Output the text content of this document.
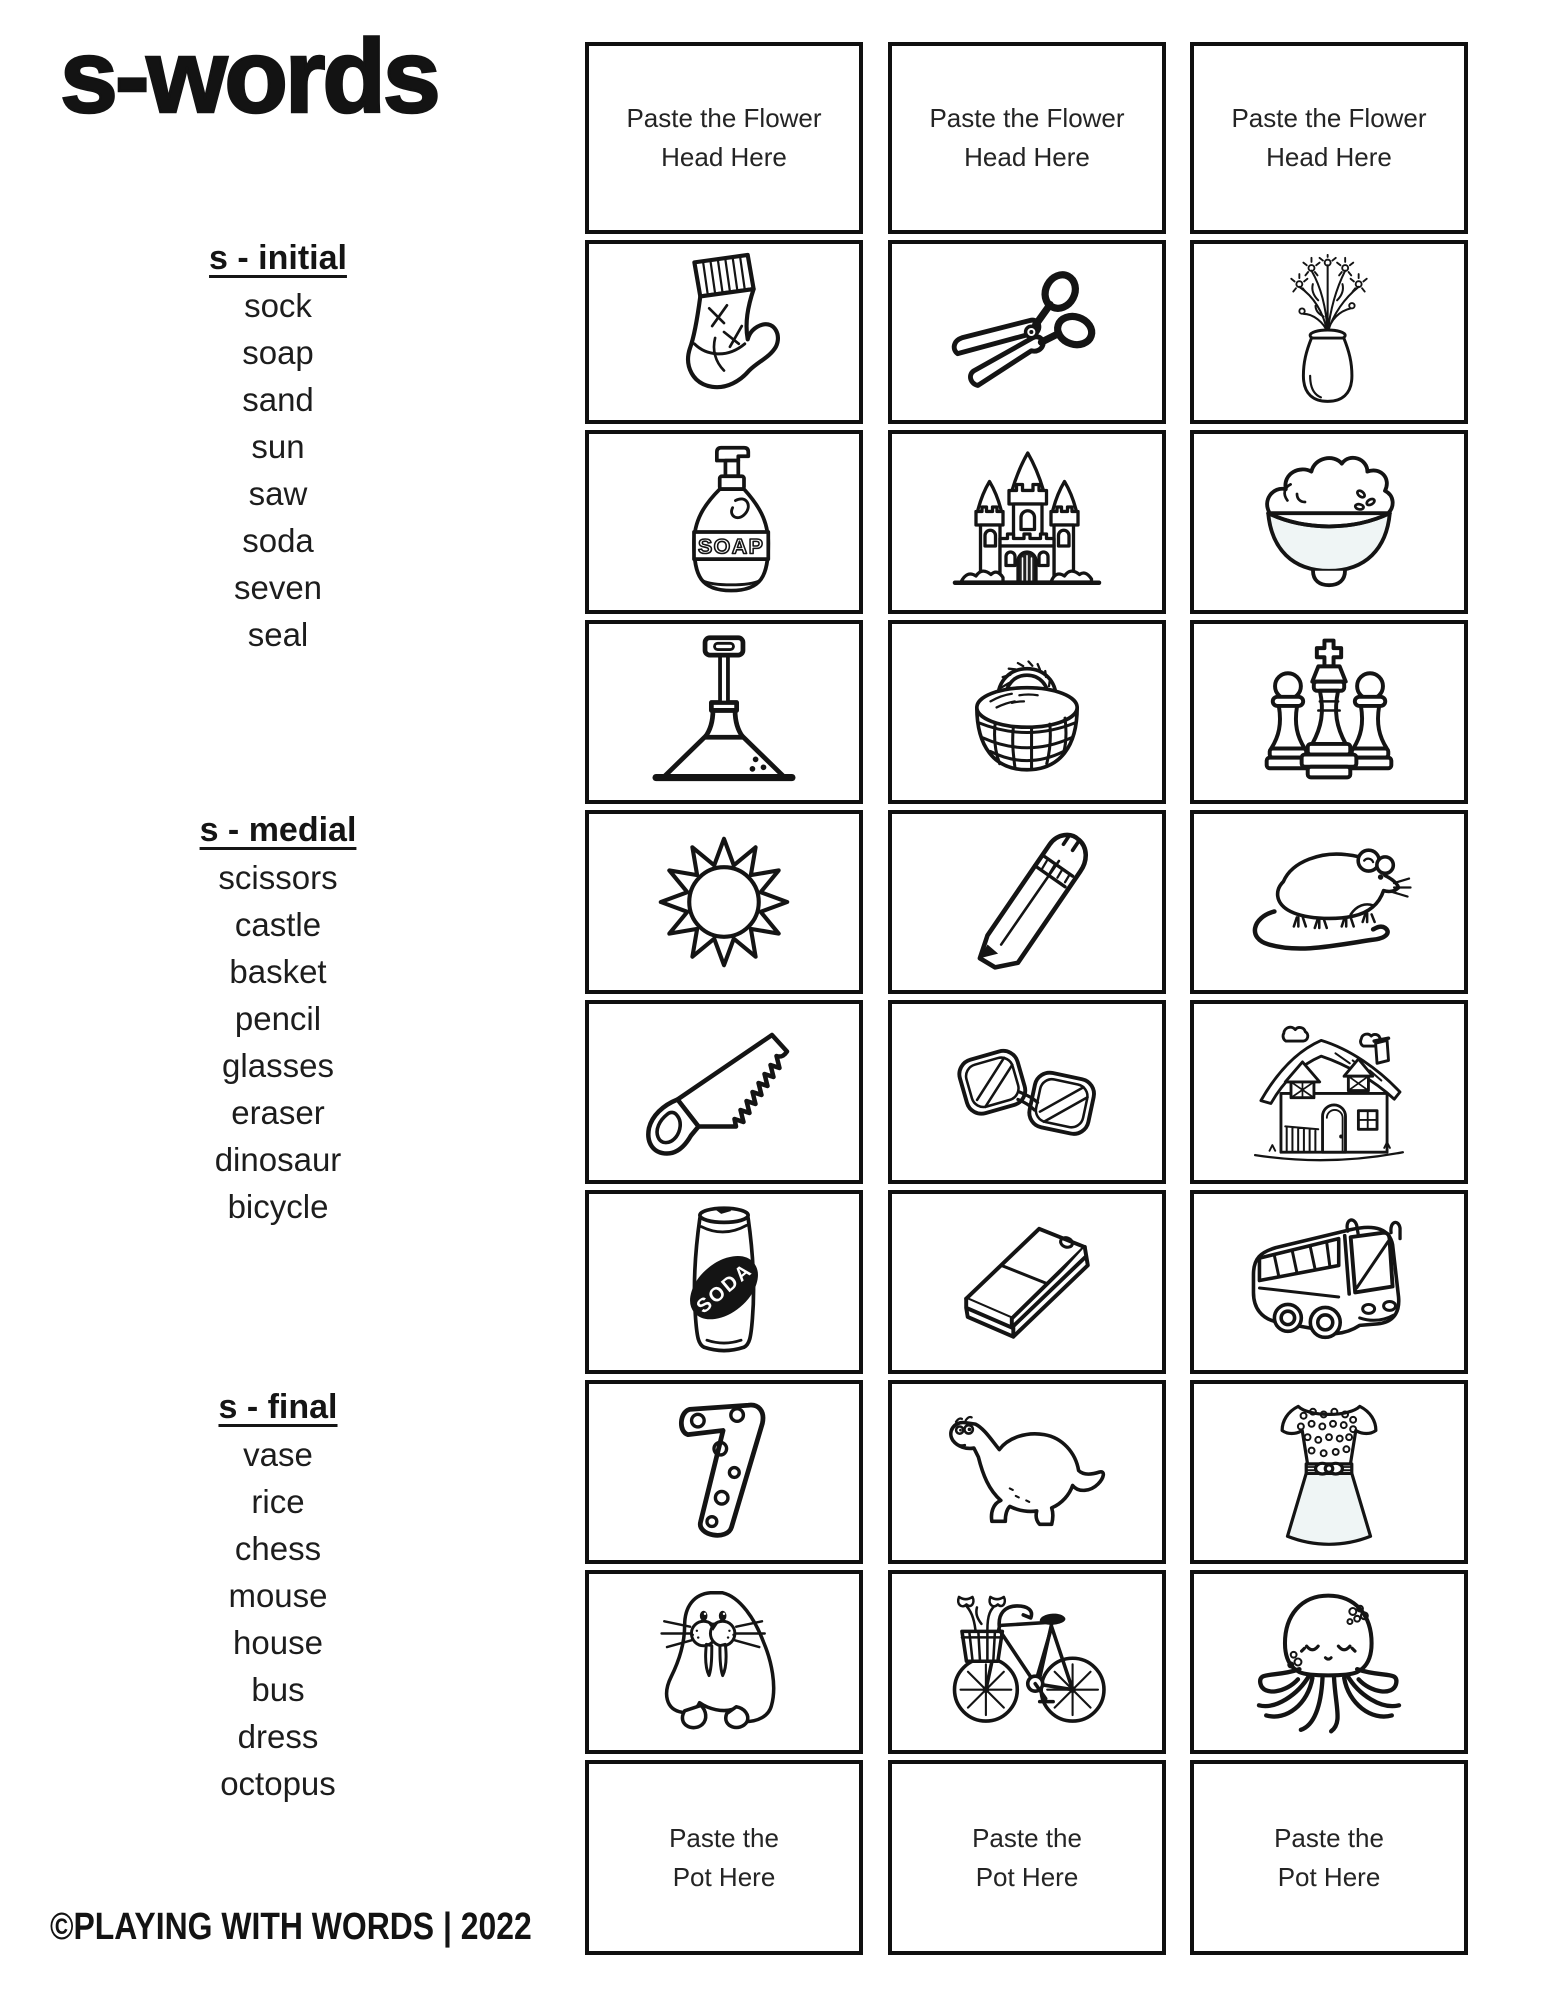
s-words
s - initial
sock
soap
sand
sun
saw
soda
seven
seal
s - medial
scissors
castle
basket
pencil
glasses
eraser
dinosaur
bicycle
s - final
vase
rice
chess
mouse
house
bus
dress
octopus
Paste the Flower
Head Here
SOAP
SODA
Paste the
Pot Here
Paste the Flower
Head Here
Paste the
Pot Here
Paste the Flower
Head Here
Paste the
Pot Here
©PLAYING WITH WORDS | 2022
